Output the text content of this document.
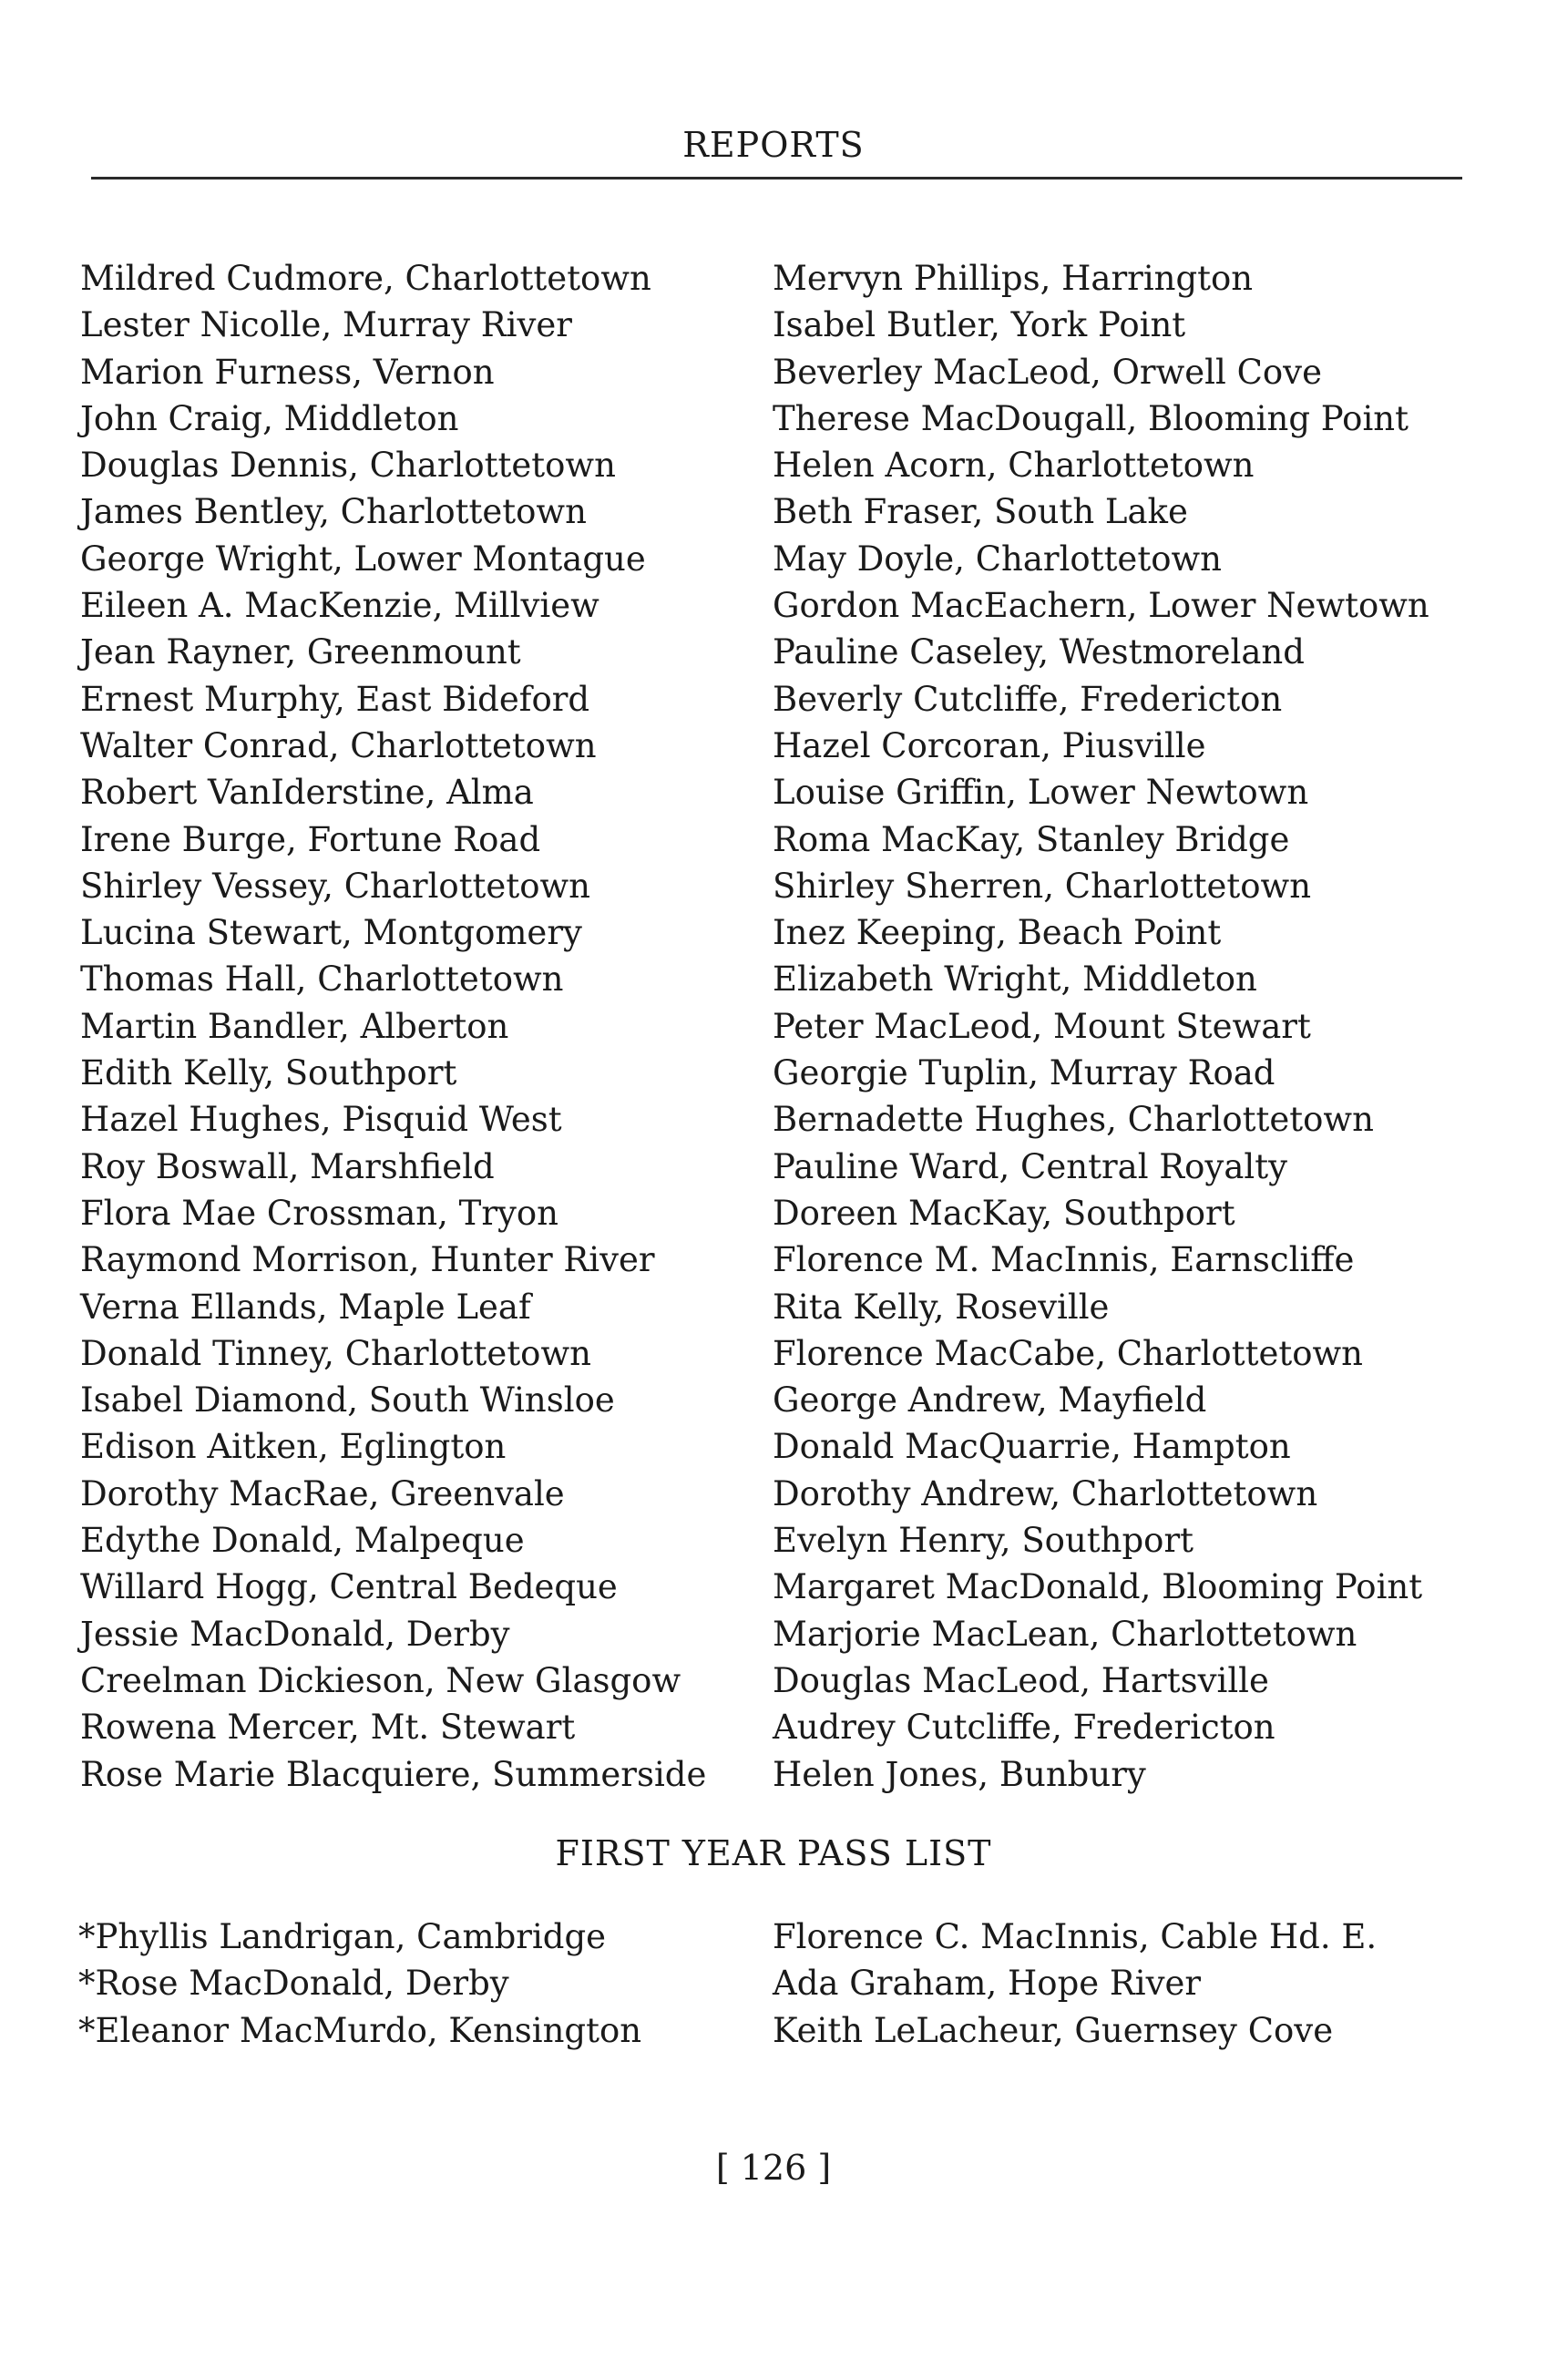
REPORTS
Mildred Cudmore, Charlottetown
Lester Nicolle, Murray River
Marion Furness, Vernon
John Craig, Middleton
Douglas Dennis, Charlottetown
James Bentley, Charlottetown
George Wright, Lower Montague
Eileen A. MacKenzie, Millview
Jean Rayner, Greenmount
Ernest Murphy, East Bideford
Walter Conrad, Charlottetown
Robert VanIderstine, Alma
Irene Burge, Fortune Road
Shirley Vessey, Charlottetown
Lucina Stewart, Montgomery
Thomas Hall, Charlottetown
Martin Bandler, Alberton
Edith Kelly, Southport
Hazel Hughes, Pisquid West
Roy Boswall, Marshfield
Flora Mae Crossman, Tryon
Raymond Morrison, Hunter River
Verna Ellands, Maple Leaf
Donald Tinney, Charlottetown
Isabel Diamond, South Winsloe
Edison Aitken, Eglington
Dorothy MacRae, Greenvale
Edythe Donald, Malpeque
Willard Hogg, Central Bedeque
Jessie MacDonald, Derby
Creelman Dickieson, New Glasgow
Rowena Mercer, Mt. Stewart
Rose Marie Blacquiere, Summerside
Mervyn Phillips, Harrington
Isabel Butler, York Point
Beverley MacLeod, Orwell Cove
Therese MacDougall, Blooming Point
Helen Acorn, Charlottetown
Beth Fraser, South Lake
May Doyle, Charlottetown
Gordon MacEachern, Lower Newtown
Pauline Caseley, Westmoreland
Beverly Cutcliffe, Fredericton
Hazel Corcoran, Piusville
Louise Griffin, Lower Newtown
Roma MacKay, Stanley Bridge
Shirley Sherren, Charlottetown
Inez Keeping, Beach Point
Elizabeth Wright, Middleton
Peter MacLeod, Mount Stewart
Georgie Tuplin, Murray Road
Bernadette Hughes, Charlottetown
Pauline Ward, Central Royalty
Doreen MacKay, Southport
Florence M. MacInnis, Earnscliffe
Rita Kelly, Roseville
Florence MacCabe, Charlottetown
George Andrew, Mayfield
Donald MacQuarrie, Hampton
Dorothy Andrew, Charlottetown
Evelyn Henry, Southport
Margaret MacDonald, Blooming Point
Marjorie MacLean, Charlottetown
Douglas MacLeod, Hartsville
Audrey Cutcliffe, Fredericton
Helen Jones, Bunbury
FIRST YEAR PASS LIST
*Phyllis Landrigan, Cambridge
*Rose MacDonald, Derby
*Eleanor MacMurdo, Kensington
Florence C. MacInnis, Cable Hd. E.
Ada Graham, Hope River
Keith LeLacheur, Guernsey Cove
[ 126 ]
